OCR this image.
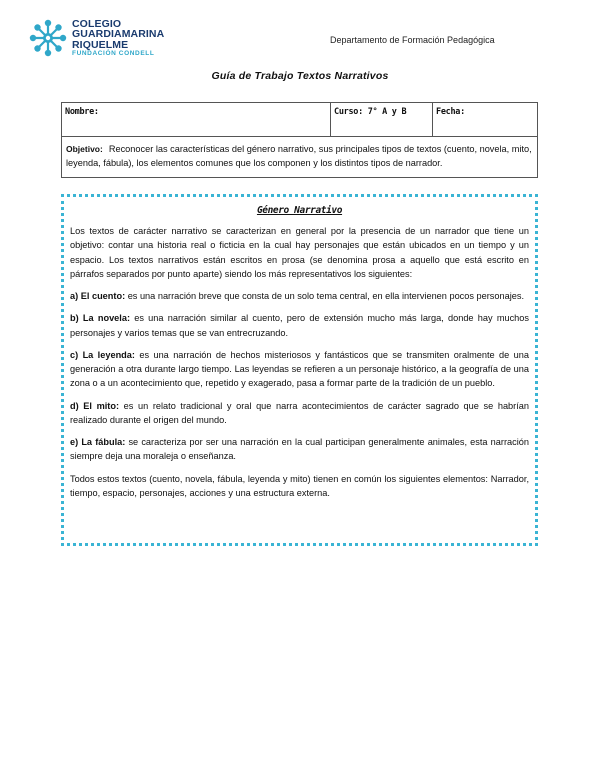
COLEGIO
GUARDIAMARINA
RIQUELME
FUNDACIÓN CONDELL
Departamento de Formación Pedagógica
Guía de Trabajo Textos Narrativos
Nombre:	Curso: 7° A y B	Fecha:
Objetivo: Reconocer las características del género narrativo, sus principales tipos de textos (cuento, novela, mito, leyenda, fábula), los elementos comunes que los componen y los distintos tipos de narrador.
Género Narrativo

Los textos de carácter narrativo se caracterizan en general por la presencia de un narrador que tiene un objetivo: contar una historia real o ficticia en la cual hay personajes que están ubicados en un tiempo y un espacio. Los textos narrativos están escritos en prosa (se denomina prosa a aquello que está escrito en párrafos separados por punto aparte) siendo los más representativos los siguientes:

a) El cuento: es una narración breve que consta de un solo tema central, en ella intervienen pocos personajes.

b) La novela: es una narración similar al cuento, pero de extensión mucho más larga, donde hay muchos personajes y varios temas que se van entrecruzando.

c) La leyenda: es una narración de hechos misteriosos y fantásticos que se transmiten oralmente de una generación a otra durante largo tiempo. Las leyendas se refieren a un personaje histórico, a la geografía de una zona o a un acontecimiento que, repetido y exagerado, pasa a formar parte de la tradición de un pueblo.

d) El mito: es un relato tradicional y oral que narra acontecimientos de carácter sagrado que se habrían realizado durante el origen del mundo.

e) La fábula: se caracteriza por ser una narración en la cual participan generalmente animales, esta narración siempre deja una moraleja o enseñanza.

Todos estos textos (cuento, novela, fábula, leyenda y mito) tienen en común los siguientes elementos: Narrador, tiempo, espacio, personajes, acciones y una estructura externa.
